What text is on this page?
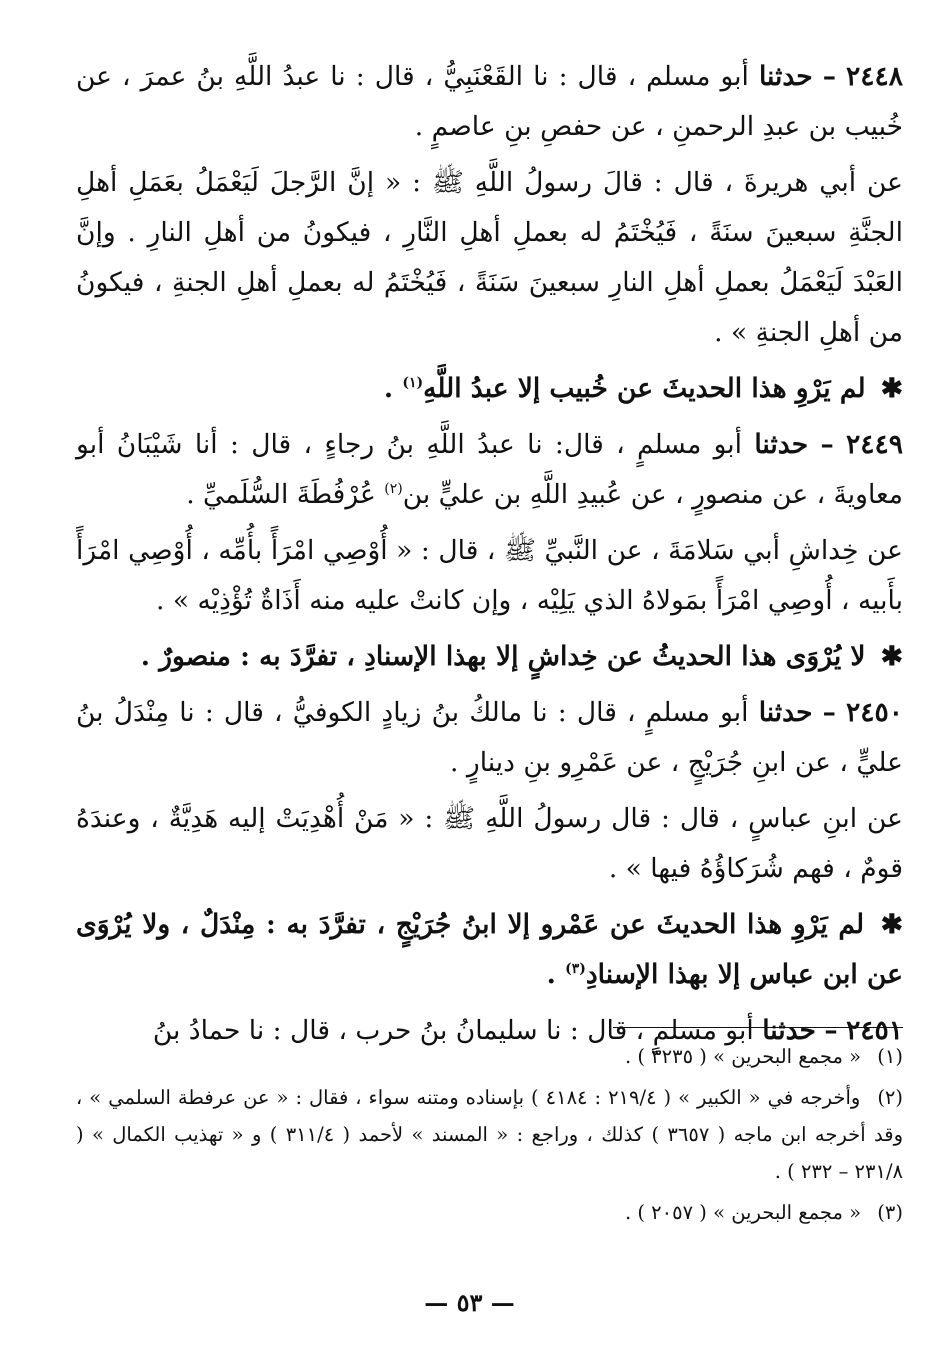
٢٤٤٨ – حدثنا أبو مسلم ، قال : نا القَعْنَبِيُّ ، قال : نا عبدُ اللَّهِ بنُ عمرَ ، عن خُبيب بن عبدِ الرحمنِ ، عن حفصِ بنِ عاصمٍ .

عن أبي هريرةَ ، قال : قالَ رسولُ اللَّهِ ﷺ : « إنَّ الرَّجلَ لَيَعْمَلُ بعَمَلِ أهلِ الجنَّةِ سبعينَ سنَةً ، فَيُخْتَمُ له بعملِ أهلِ النَّارِ ، فيكونُ من أهلِ النارِ . وإنَّ العَبْدَ لَيَعْمَلُ بعملِ أهلِ النارِ سبعينَ سَنَةً ، فَيُخْتَمُ له بعملِ أهلِ الجنةِ ، فيكونُ من أهلِ الجنةِ » .

✱ لم يَرْوِ هذا الحديثَ عن خُبيب إلا عبدُ اللَّهِ$^{(١)}$ .

٢٤٤٩ – حدثنا أبو مسلمٍ ، قال: نا عبدُ اللَّهِ بنُ رجاءٍ ، قال : أنا شَيْبَانُ أبو معاويةَ ، عن منصورٍ ، عن عُبيدِ اللَّهِ بن عليٍّ بن$^{(٢)}$ عُرْفُطَةَ السُّلَميِّ .

عن خِداشِ أبي سَلامَةَ ، عن النَّبيِّ ﷺ ، قال : « أُوْصِي امْرَأً بأُمِّه ، أُوْصِي امْرَأً بأَبيه ، أُوصِي امْرَأً بمَولاهُ الذي يَلِيْه ، وإن كانتْ عليه منه أَذَاةٌ تُؤْذِيْه » .

✱ لا يُرْوَى هذا الحديثُ عن خِداشٍ إلا بهذا الإسنادِ ، تفرَّدَ به : منصورٌ .

٢٤٥٠ – حدثنا أبو مسلمٍ ، قال : نا مالكُ بنُ زيادٍ الكوفيُّ ، قال : نا مِنْدَلُ بنُ عليٍّ ، عن ابنِ جُرَيْجٍ ، عن عَمْرِو بنِ دينارٍ .

عن ابنِ عباسٍ ، قال : قال رسولُ اللَّهِ ﷺ : « مَنْ أُهْدِيَتْ إليه هَدِيَّةٌ ، وعندَهُ قومٌ ، فهم شُرَكاؤُهُ فيها » .

✱ لم يَرْوِ هذا الحديثَ عن عَمْرو إلا ابنُ جُرَيْجٍ ، تفرَّدَ به : مِنْدَلٌ ، ولا يُرْوَى عن ابن عباس إلا بهذا الإسنادِ$^{(٣)}$ .

٢٤٥١ – حدثنا أبو مسلمٍ ، قال : نا سليمانُ بنُ حرب ، قال : نا حمادُ بنُ

(١) « مجمع البحرين » ( ٣٢٣٥ ) .

(٢) وأخرجه في « الكبير » ( ٢١٩/٤ : ٤١٨٤ ) بإسناده ومتنه سواء ، فقال : « عن عرفطة السلمي » ، وقد أخرجه ابن ماجه ( ٣٦٥٧ ) كذلك ، وراجع : « المسند » لأحمد ( ٣١١/٤ ) و « تهذيب الكمال » ( ٢٣١/٨ – ٢٣٢ ) .

(٣) « مجمع البحرين » ( ٢٠٥٧ ) .

— ٥٣ —
